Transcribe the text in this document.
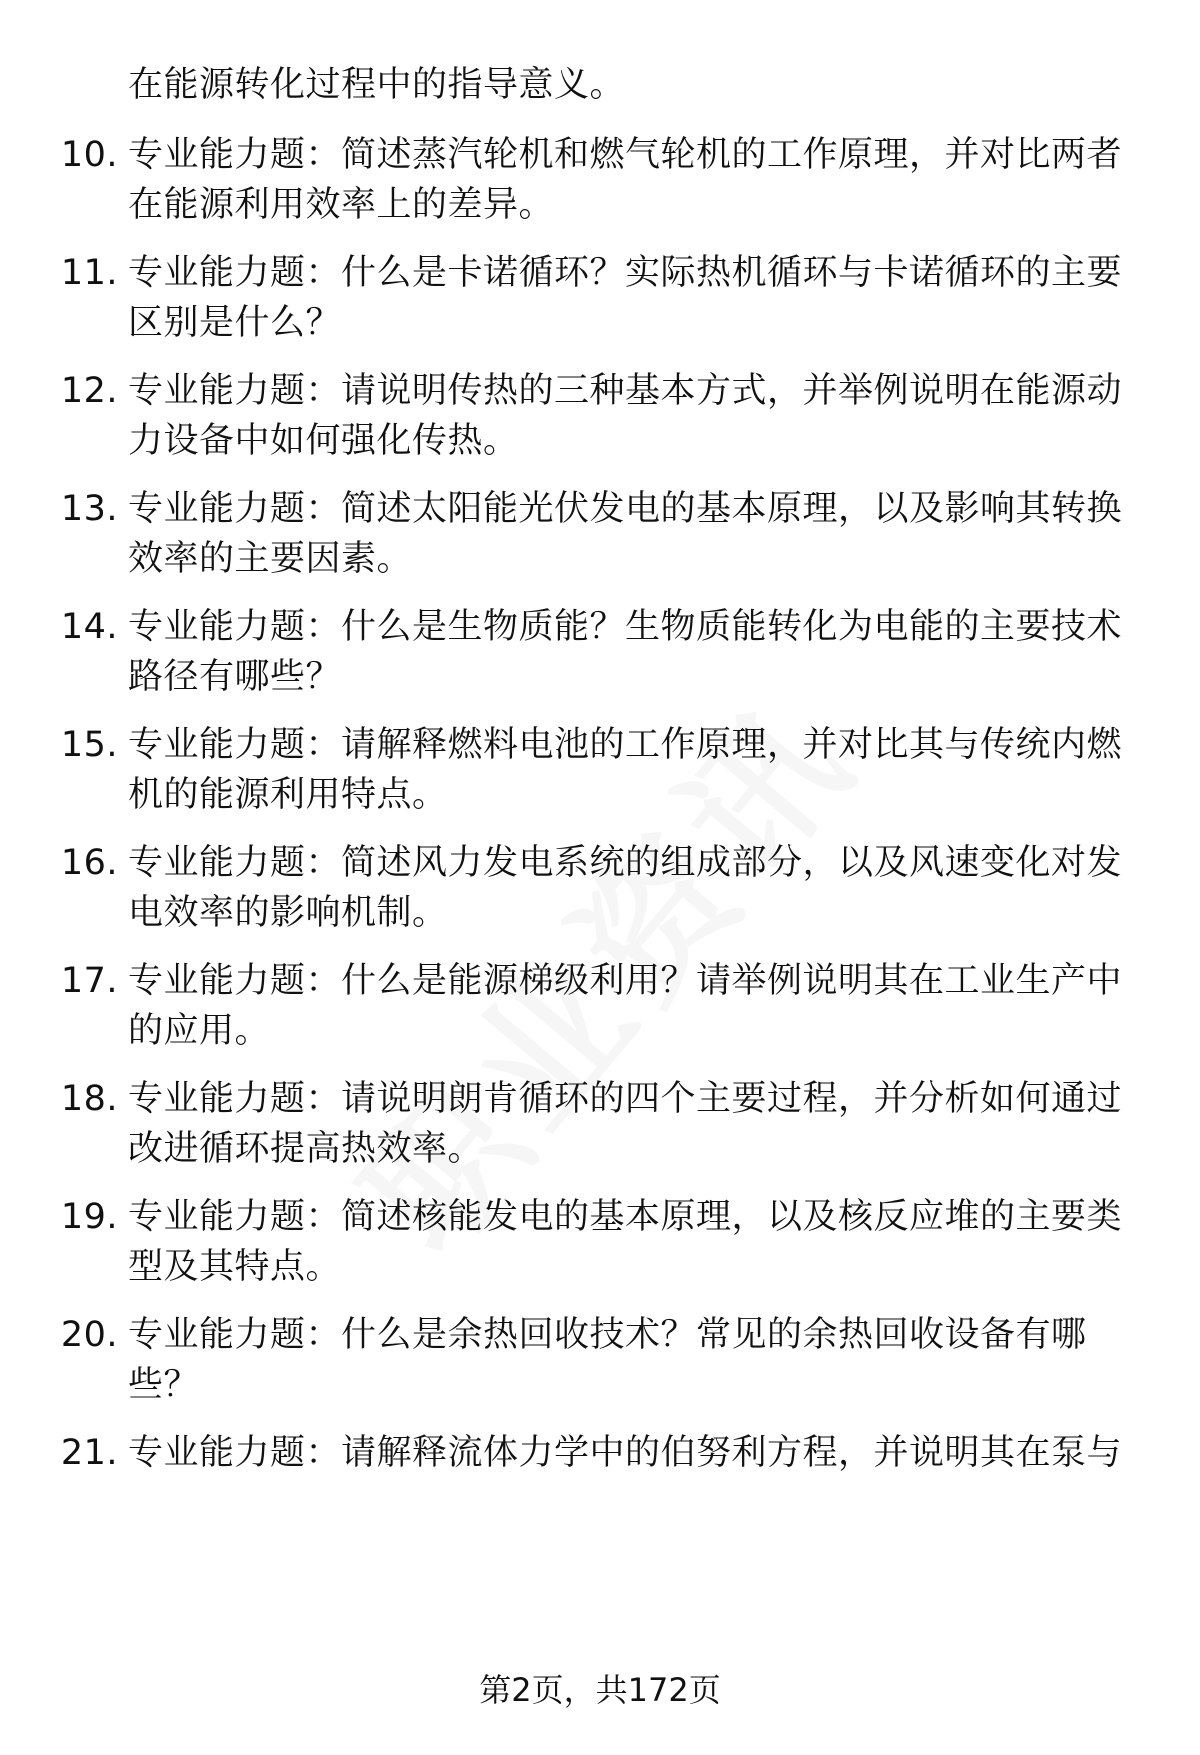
在能源转化过程中的指导意义。
10. 专业能力题：简述蒸汽轮机和燃气轮机的工作原理，并对比两者在能源利用效率上的差异。
11. 专业能力题：什么是卡诺循环？实际热机循环与卡诺循环的主要区别是什么？
12. 专业能力题：请说明传热的三种基本方式，并举例说明在能源动力设备中如何强化传热。
13. 专业能力题：简述太阳能光伏发电的基本原理，以及影响其转换效率的主要因素。
14. 专业能力题：什么是生物质能？生物质能转化为电能的主要技术路径有哪些？
15. 专业能力题：请解释燃料电池的工作原理，并对比其与传统内燃机的能源利用特点。
16. 专业能力题：简述风力发电系统的组成部分，以及风速变化对发电效率的影响机制。
17. 专业能力题：什么是能源梯级利用？请举例说明其在工业生产中的应用。
18. 专业能力题：请说明朗肯循环的四个主要过程，并分析如何通过改进循环提高热效率。
19. 专业能力题：简述核能发电的基本原理，以及核反应堆的主要类型及其特点。
20. 专业能力题：什么是余热回收技术？常见的余热回收设备有哪些？
21. 专业能力题：请解释流体力学中的伯努利方程，并说明其在泵与
第2页，共172页
